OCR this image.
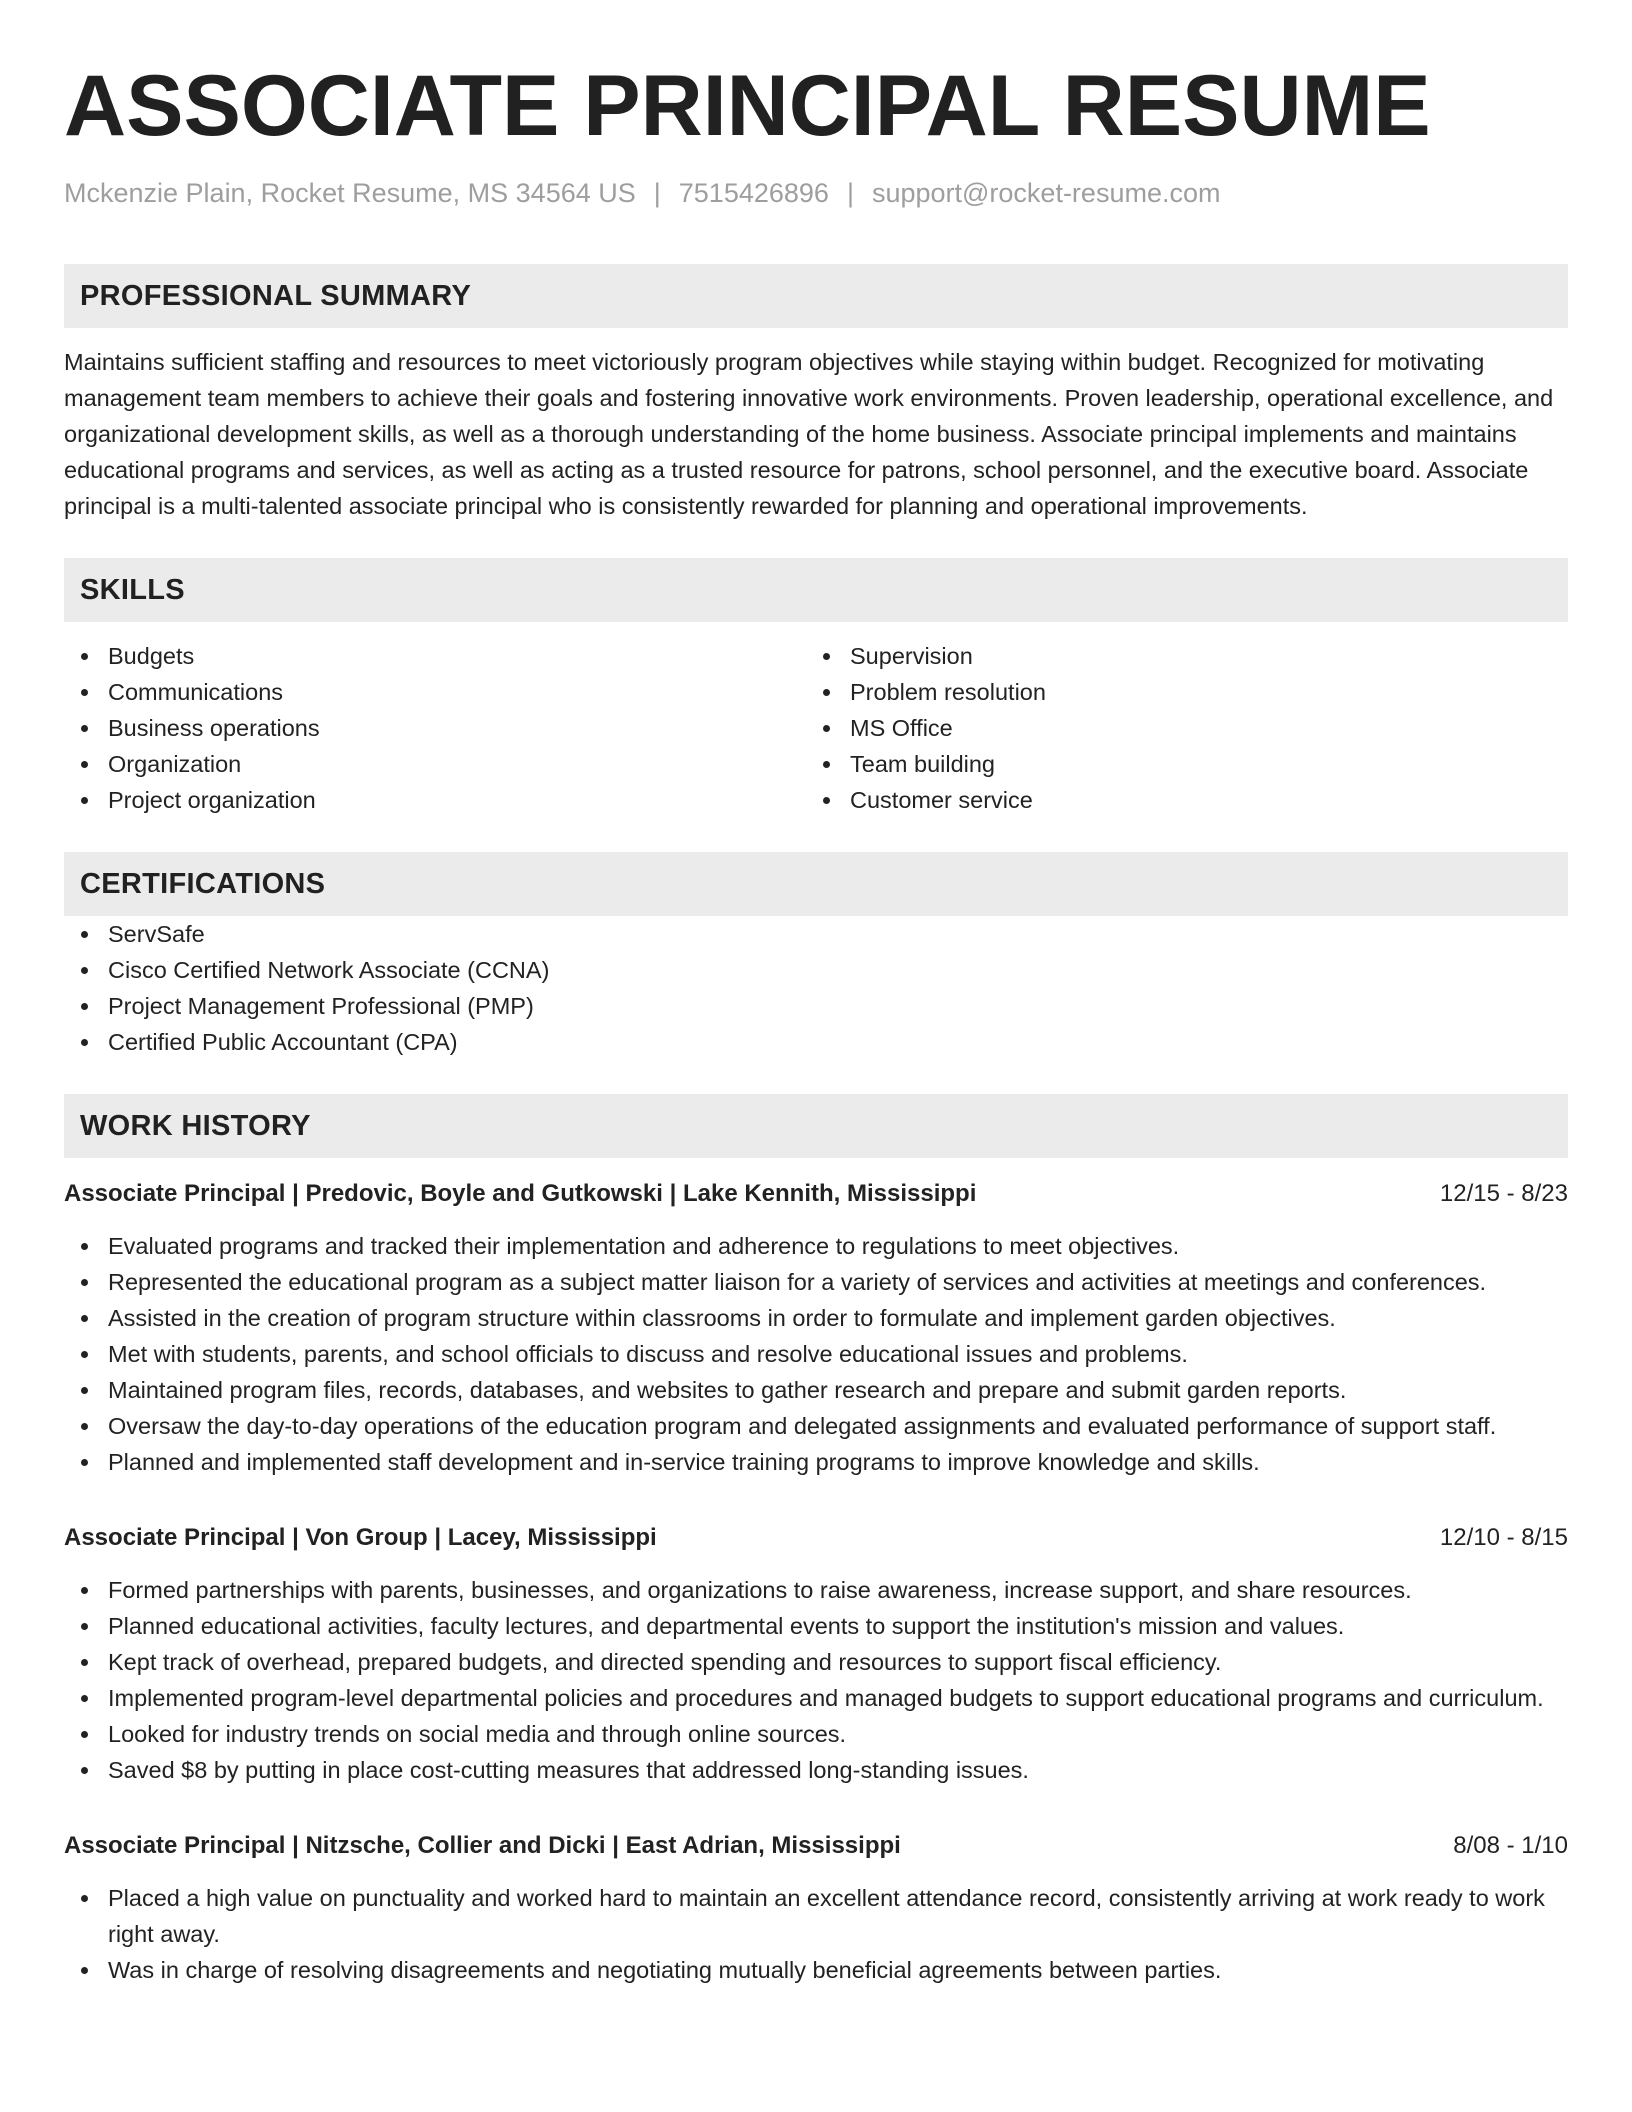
ASSOCIATE PRINCIPAL RESUME
Mckenzie Plain, Rocket Resume, MS 34564 US | 7515426896 | support@rocket-resume.com
PROFESSIONAL SUMMARY
Maintains sufficient staffing and resources to meet victoriously program objectives while staying within budget. Recognized for motivating management team members to achieve their goals and fostering innovative work environments. Proven leadership, operational excellence, and organizational development skills, as well as a thorough understanding of the home business. Associate principal implements and maintains educational programs and services, as well as acting as a trusted resource for patrons, school personnel, and the executive board. Associate principal is a multi-talented associate principal who is consistently rewarded for planning and operational improvements.
SKILLS
Budgets
Communications
Business operations
Organization
Project organization
Supervision
Problem resolution
MS Office
Team building
Customer service
CERTIFICATIONS
ServSafe
Cisco Certified Network Associate (CCNA)
Project Management Professional (PMP)
Certified Public Accountant (CPA)
WORK HISTORY
Associate Principal | Predovic, Boyle and Gutkowski | Lake Kennith, Mississippi	12/15 - 8/23
Evaluated programs and tracked their implementation and adherence to regulations to meet objectives.
Represented the educational program as a subject matter liaison for a variety of services and activities at meetings and conferences.
Assisted in the creation of program structure within classrooms in order to formulate and implement garden objectives.
Met with students, parents, and school officials to discuss and resolve educational issues and problems.
Maintained program files, records, databases, and websites to gather research and prepare and submit garden reports.
Oversaw the day-to-day operations of the education program and delegated assignments and evaluated performance of support staff.
Planned and implemented staff development and in-service training programs to improve knowledge and skills.
Associate Principal | Von Group | Lacey, Mississippi	12/10 - 8/15
Formed partnerships with parents, businesses, and organizations to raise awareness, increase support, and share resources.
Planned educational activities, faculty lectures, and departmental events to support the institution's mission and values.
Kept track of overhead, prepared budgets, and directed spending and resources to support fiscal efficiency.
Implemented program-level departmental policies and procedures and managed budgets to support educational programs and curriculum.
Looked for industry trends on social media and through online sources.
Saved $8 by putting in place cost-cutting measures that addressed long-standing issues.
Associate Principal | Nitzsche, Collier and Dicki | East Adrian, Mississippi	8/08 - 1/10
Placed a high value on punctuality and worked hard to maintain an excellent attendance record, consistently arriving at work ready to work right away.
Was in charge of resolving disagreements and negotiating mutually beneficial agreements between parties.
